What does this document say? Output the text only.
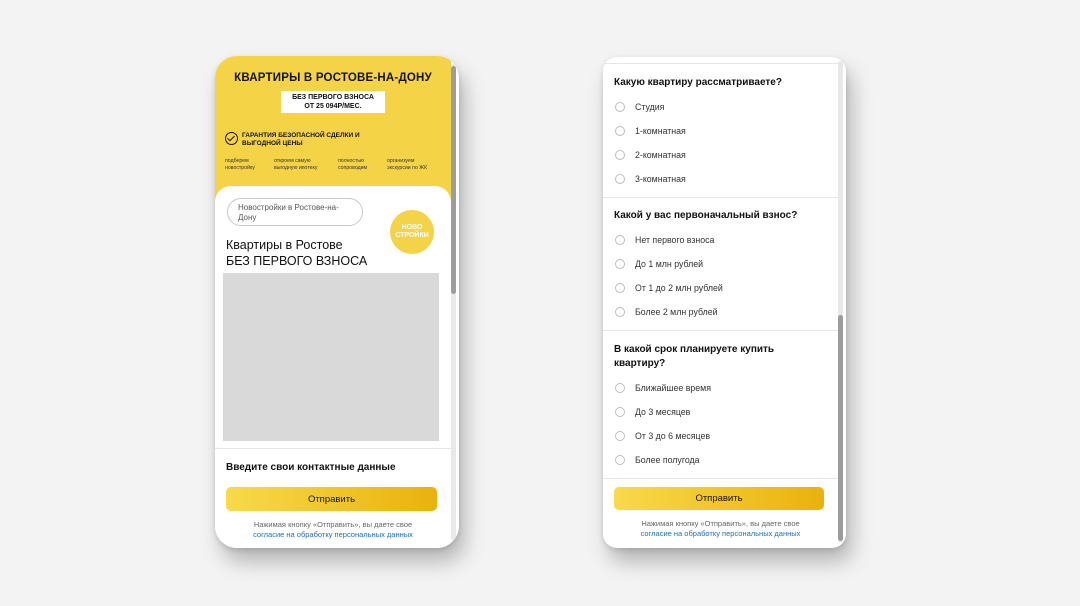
КВАРТИРЫ В РОСТОВЕ-НА-ДОНУ
БЕЗ ПЕРВОГО ВЗНОСА
ОТ 25 094Р/МЕС.
ГАРАНТИЯ БЕЗОПАСНОЙ СДЕЛКИ И ВЫГОДНОЙ ЦЕНЫ
подберем новостройку
откроем самую выгодную ипотеку
полностью сопроводим
организуем экскурсии по ЖК
Новостройки в Ростове-на-Дону
НОВО
СТРОЙКИ
Квартиры в Ростове
БЕЗ ПЕРВОГО ВЗНОСА
Введите свои контактные данные
Отправить
Нажимая кнопку «Отправить», вы даете свое
согласие на обработку персональных данных
Какую квартиру рассматриваете?
Студия
1-комнатная
2-комнатная
3-комнатная
Какой у вас первоначальный взнос?
Нет первого взноса
До 1 млн рублей
От 1 до 2 млн рублей
Более 2 млн рублей
В какой срок планируете купить квартиру?
Ближайшее время
До 3 месяцев
От 3 до 6 месяцев
Более полугода
Отправить
Нажимая кнопку «Отправить», вы даете свое
согласие на обработку персональных данных
